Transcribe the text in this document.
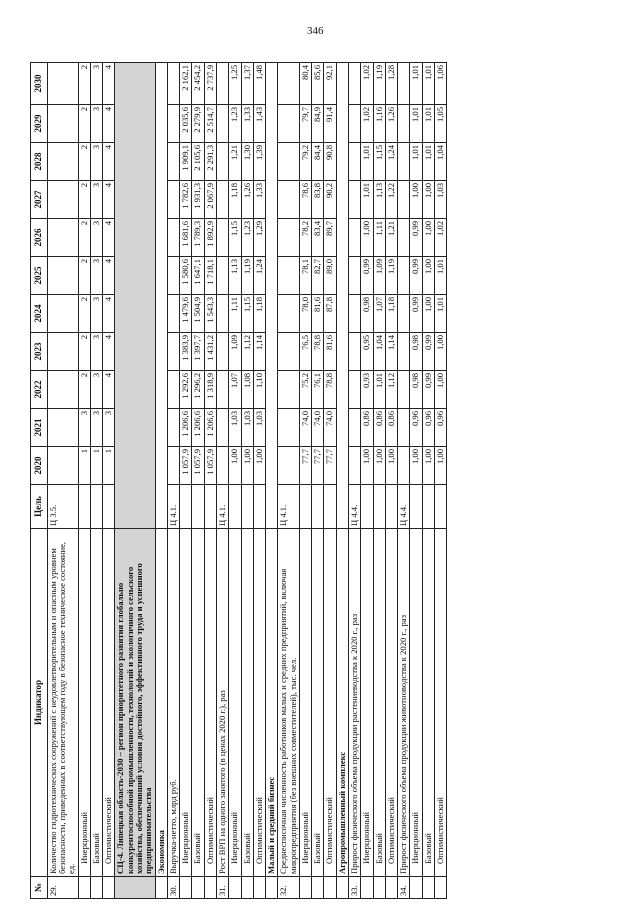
346
№	Индикатор	Цель	2020	2021	2022	2023	2024	2025	2026	2027	2028	2029	2030
29.	Количество гидротехнических сооружений с неудовлетворительным и опасным уровнем безопасности, приведенных в соответствующем году в безопасное техническое состояние, ед.	Ц 3.5.											
	Инерционный		1	3	2	2	2	2	2	2	2	2	2
	Базовый		1	3	3	3	3	3	3	3	3	3	3
	Оптимистический		1	3	4	4	4	4	4	4	4	4	4
	СЦ-4. Липецкая область-2030 – регион приоритетного развития глобально конкурентоспособной промышленности, технологий и экологичного сельского хозяйства, обеспечивший условия достойного, эффективного труда и успешного предпринимательства												
	Экономика												
30.	Выручка-нетто, млрд руб.	Ц 4.1.											
	Инерционный		1 057,9	1 206,6	1 292,6	1 383,9	1 479,6	1 580,6	1 681,6	1 782,6	1 909,1	2 035,6	2 162,1
	Базовый		1 057,9	1 206,6	1 296,2	1 397,7	1 504,9	1 647,1	1 789,3	1 931,3	2 105,6	2 279,9	2 454,2
	Оптимистический		1 057,9	1 206,6	1 318,9	1 431,2	1 543,3	1 718,1	1 892,9	2 067,9	2 291,3	2 514,7	2 737,9
31.	Рост ВРП на одного занятого (в ценах 2020 г.), раз	Ц 4.1.											
	Инерционный		1,00	1,03	1,07	1,09	1,11	1,13	1,15	1,18	1,21	1,23	1,25
	Базовый		1,00	1,03	1,08	1,12	1,15	1,19	1,23	1,26	1,30	1,33	1,37
	Оптимистический		1,00	1,03	1,10	1,14	1,18	1,24	1,29	1,33	1,39	1,43	1,48
	Малый и средний бизнес												
32.	Среднесписочная численность работников малых и средних предприятий, включая микропредприятия (без внешних совместителей), тыс. чел.	Ц 4.1.											
	Инерционный		77,7	74,0	75,2	76,5	78,0	78,1	78,2	78,6	79,2	79,7	80,4
	Базовый		77,7	74,0	76,1	78,8	81,6	82,7	83,4	83,8	84,4	84,9	85,6
	Оптимистический		77,7	74,0	78,8	81,6	87,8	89,0	89,7	90,2	90,8	91,4	92,1
	Агропромышленный комплекс												
33.	Прирост физического объема продукции растениеводства к 2020 г., раз	Ц 4.4.											
	Инерционный		1,00	0,86	0,93	0,95	0,98	0,99	1,00	1,01	1,01	1,02	1,02
	Базовый		1,00	0,86	1,01	1,04	1,07	1,09	1,11	1,13	1,15	1,16	1,19
	Оптимистический		1,00	0,86	1,12	1,14	1,18	1,19	1,21	1,22	1,24	1,26	1,28
34.	Прирост физического объема продукции животноводства к 2020 г., раз	Ц 4.4.											
	Инерционный		1,00	0,96	0,98	0,98	0,99	0,99	0,99	1,00	1,01	1,01	1,01
	Базовый		1,00	0,96	0,99	0,99	1,00	1,00	1,00	1,00	1,01	1,01	1,01
	Оптимистический		1,00	0,96	1,00	1,00	1,01	1,01	1,02	1,03	1,04	1,05	1,06
